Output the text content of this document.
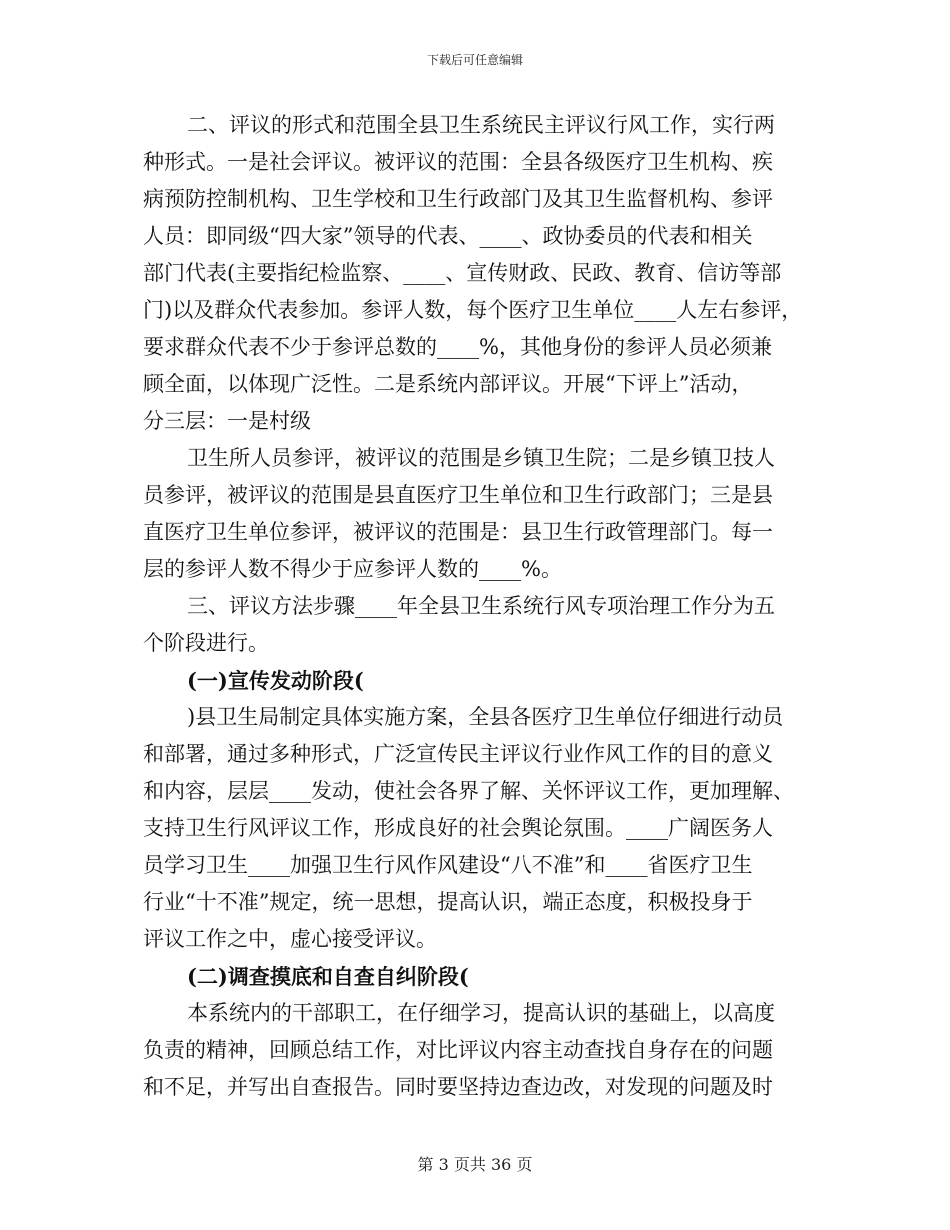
下载后可任意编辑
二、评议的形式和范围全县卫生系统民主评议行风工作，实行两
种形式。一是社会评议。被评议的范围：全县各级医疗卫生机构、疾
病预防控制机构、卫生学校和卫生行政部门及其卫生监督机构、参评
人员：即同级“四大家”领导的代表、____、政协委员的代表和相关
部门代表(主要指纪检监察、____、宣传财政、民政、教育、信访等部
门)以及群众代表参加。参评人数，每个医疗卫生单位____人左右参评，
要求群众代表不少于参评总数的____%，其他身份的参评人员必须兼
顾全面，以体现广泛性。二是系统内部评议。开展“下评上”活动，
分三层：一是村级
卫生所人员参评，被评议的范围是乡镇卫生院；二是乡镇卫技人
员参评，被评议的范围是县直医疗卫生单位和卫生行政部门；三是县
直医疗卫生单位参评，被评议的范围是：县卫生行政管理部门。每一
层的参评人数不得少于应参评人数的____%。
三、评议方法步骤____年全县卫生系统行风专项治理工作分为五
个阶段进行。
(一)宣传发动阶段(
)县卫生局制定具体实施方案，全县各医疗卫生单位仔细进行动员
和部署，通过多种形式，广泛宣传民主评议行业作风工作的目的意义
和内容，层层____发动，使社会各界了解、关怀评议工作，更加理解、
支持卫生行风评议工作，形成良好的社会舆论氛围。____广阔医务人
员学习卫生____加强卫生行风作风建设“八不准”和____省医疗卫生
行业“十不准”规定，统一思想，提高认识，端正态度，积极投身于
评议工作之中，虚心接受评议。
(二)调查摸底和自查自纠阶段(
本系统内的干部职工，在仔细学习，提高认识的基础上，以高度
负责的精神，回顾总结工作，对比评议内容主动查找自身存在的问题
和不足，并写出自查报告。同时要坚持边查边改，对发现的问题及时
第 3 页共 36 页
